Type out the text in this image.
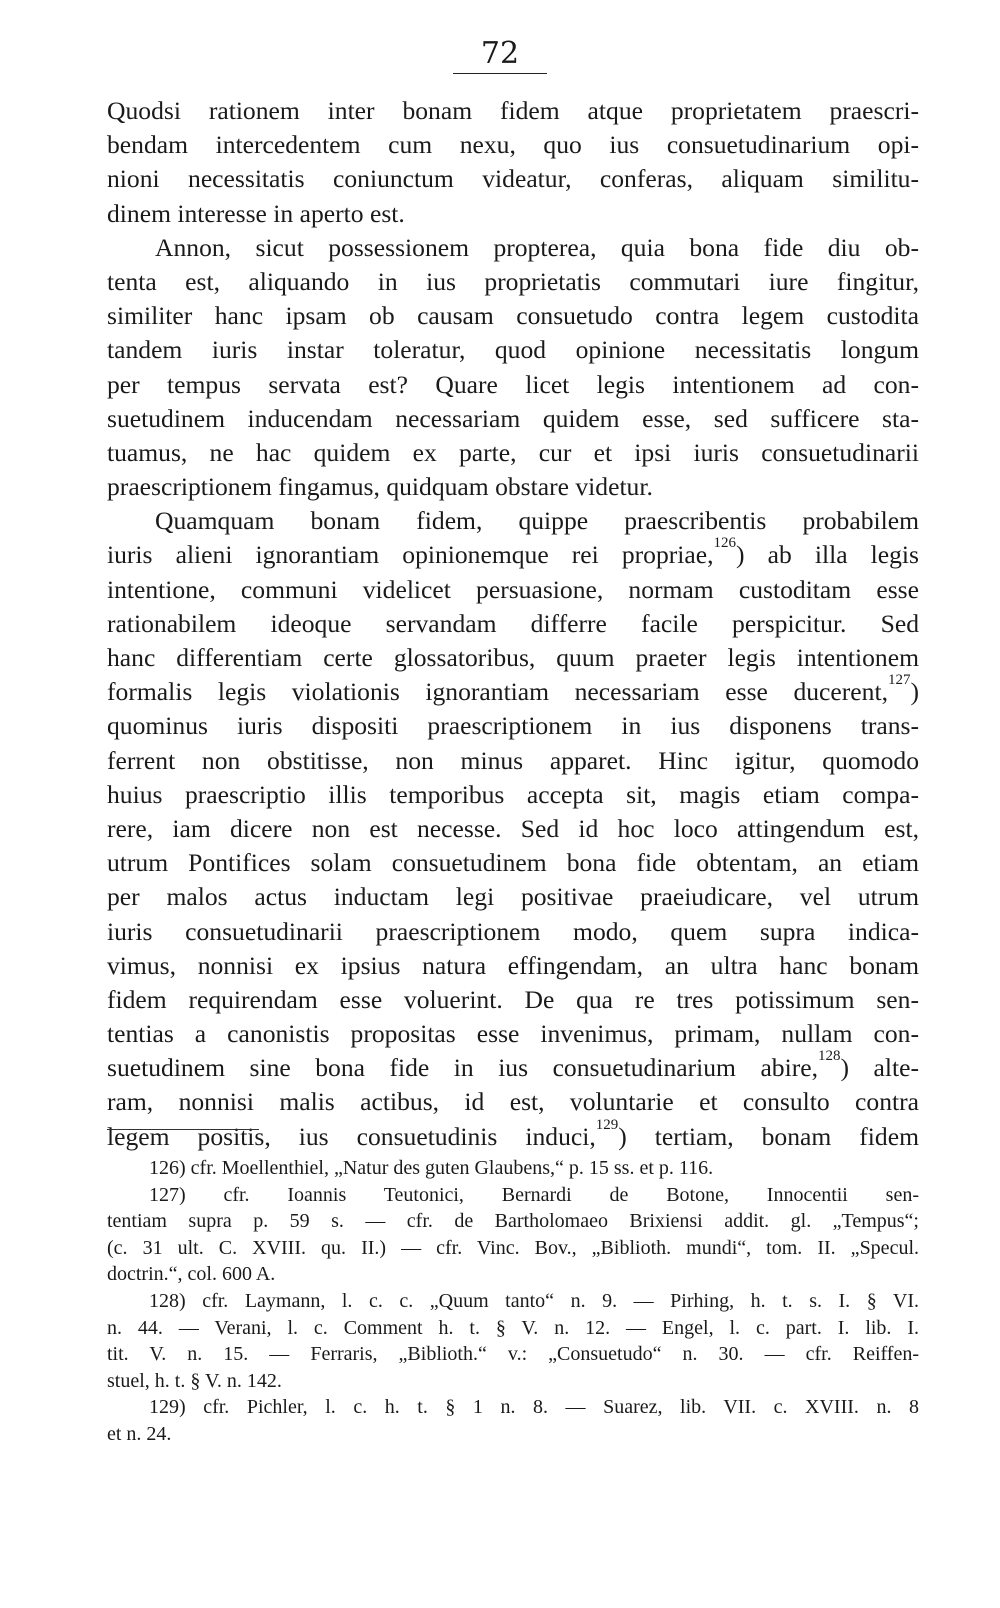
72
Quodsi rationem inter bonam fidem atque proprietatem praescri-
bendam intercedentem cum nexu, quo ius consuetudinarium opi-
nioni necessitatis coniunctum videatur, conferas, aliquam similitu-
dinem interesse in aperto est.
Annon, sicut possessionem propterea, quia bona fide diu ob-
tenta est, aliquando in ius proprietatis commutari iure fingitur,
similiter hanc ipsam ob causam consuetudo contra legem custodita
tandem iuris instar toleratur, quod opinione necessitatis longum
per tempus servata est? Quare licet legis intentionem ad con-
suetudinem inducendam necessariam quidem esse, sed sufficere sta-
tuamus, ne hac quidem ex parte, cur et ipsi iuris consuetudinarii
praescriptionem fingamus, quidquam obstare videtur.
Quamquam bonam fidem, quippe praescribentis probabilem
iuris alieni ignorantiam opinionemque rei propriae,$^{126}$) ab illa legis
intentione, communi videlicet persuasione, normam custoditam esse
rationabilem ideoque servandam differre facile perspicitur. Sed
hanc differentiam certe glossatoribus, quum praeter legis intentionem
formalis legis violationis ignorantiam necessariam esse ducerent,$^{127}$)
quominus iuris dispositi praescriptionem in ius disponens trans-
ferrent non obstitisse, non minus apparet. Hinc igitur, quomodo
huius praescriptio illis temporibus accepta sit, magis etiam compa-
rere, iam dicere non est necesse. Sed id hoc loco attingendum est,
utrum Pontifices solam consuetudinem bona fide obtentam, an etiam
per malos actus inductam legi positivae praeiudicare, vel utrum
iuris consuetudinarii praescriptionem modo, quem supra indica-
vimus, nonnisi ex ipsius natura effingendam, an ultra hanc bonam
fidem requirendam esse voluerint. De qua re tres potissimum sen-
tentias a canonistis propositas esse invenimus, primam, nullam con-
suetudinem sine bona fide in ius consuetudinarium abire,$^{128}$) alte-
ram, nonnisi malis actibus, id est, voluntarie et consulto contra
legem positis, ius consuetudinis induci,$^{129}$) tertiam, bonam fidem
126) cfr. Moellenthiel, „Natur des guten Glaubens,“ p. 15 ss. et p. 116.
127) cfr. Ioannis Teutonici, Bernardi de Botone, Innocentii sen-
tentiam supra p. 59 s. — cfr. de Bartholomaeo Brixiensi addit. gl. „Tempus“;
(c. 31 ult. C. XVIII. qu. II.) — cfr. Vinc. Bov., „Biblioth. mundi“, tom. II. „Specul.
doctrin.“, col. 600 A.
128) cfr. Laymann, l. c. c. „Quum tanto“ n. 9. — Pirhing, h. t. s. I. § VI.
n. 44. — Verani, l. c. Comment h. t. § V. n. 12. — Engel, l. c. part. I. lib. I.
tit. V. n. 15. — Ferraris, „Biblioth.“ v.: „Consuetudo“ n. 30. — cfr. Reiffen-
stuel, h. t. § V. n. 142.
129) cfr. Pichler, l. c. h. t. § 1 n. 8. — Suarez, lib. VII. c. XVIII. n. 8
et n. 24.
